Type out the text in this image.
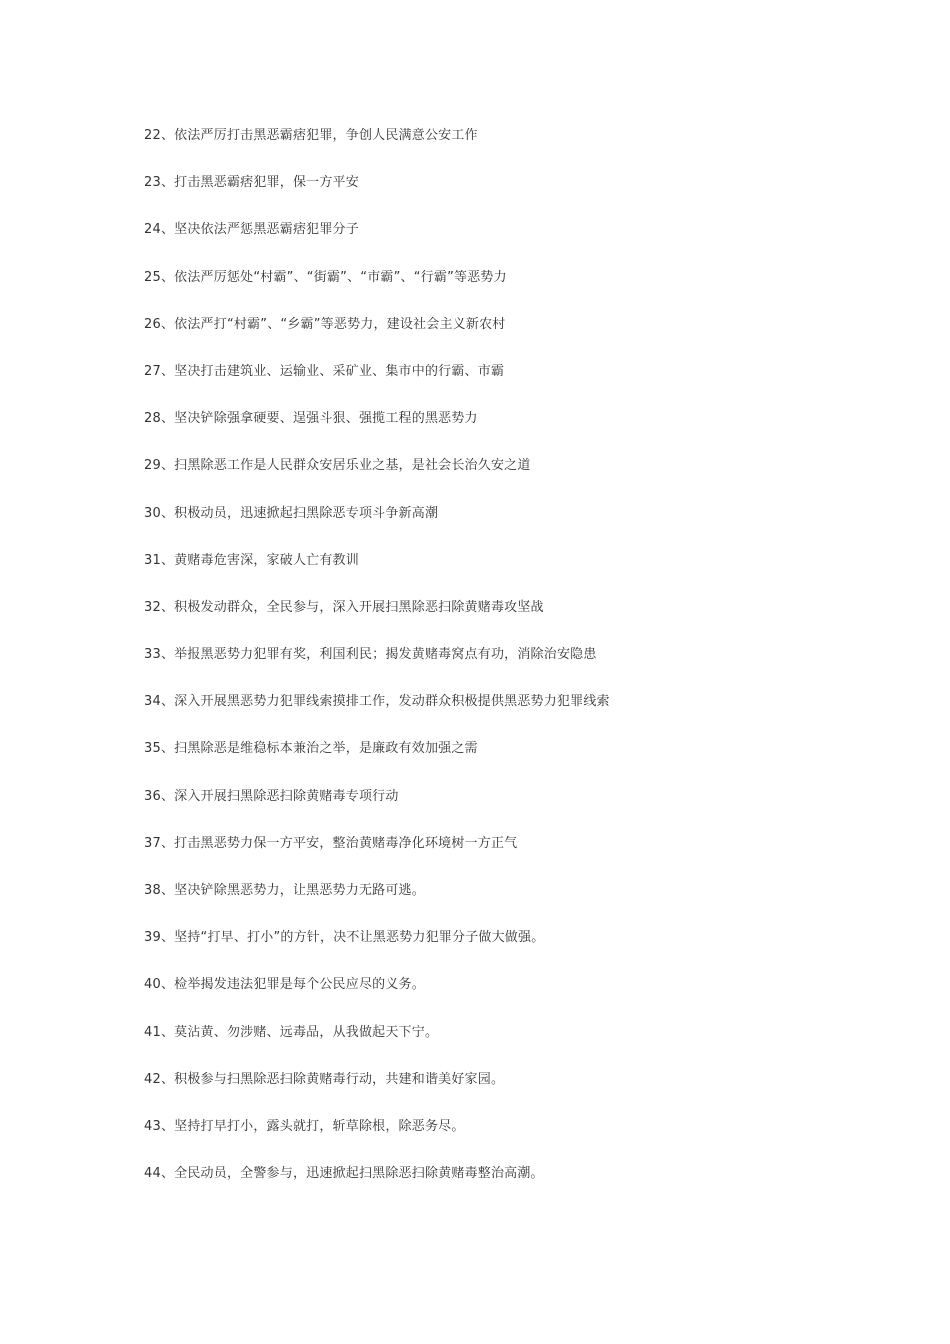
22、依法严厉打击黑恶霸痞犯罪，争创人民满意公安工作
23、打击黑恶霸痞犯罪，保一方平安
24、坚决依法严惩黑恶霸痞犯罪分子
25、依法严厉惩处“村霸”、“街霸”、“市霸”、“行霸”等恶势力
26、依法严打“村霸”、“乡霸”等恶势力，建设社会主义新农村
27、坚决打击建筑业、运输业、采矿业、集市中的行霸、市霸
28、坚决铲除强拿硬要、逞强斗狠、强揽工程的黑恶势力
29、扫黑除恶工作是人民群众安居乐业之基，是社会长治久安之道
30、积极动员，迅速掀起扫黑除恶专项斗争新高潮
31、黄赌毒危害深，家破人亡有教训
32、积极发动群众，全民参与，深入开展扫黑除恶扫除黄赌毒攻坚战
33、举报黑恶势力犯罪有奖，利国利民；揭发黄赌毒窝点有功，消除治安隐患
34、深入开展黑恶势力犯罪线索摸排工作，发动群众积极提供黑恶势力犯罪线索
35、扫黑除恶是维稳标本兼治之举，是廉政有效加强之需
36、深入开展扫黑除恶扫除黄赌毒专项行动
37、打击黑恶势力保一方平安，整治黄赌毒净化环境树一方正气
38、坚决铲除黑恶势力，让黑恶势力无路可逃。
39、坚持“打早、打小”的方针，决不让黑恶势力犯罪分子做大做强。
40、检举揭发违法犯罪是每个公民应尽的义务。
41、莫沾黄、勿涉赌、远毒品，从我做起天下宁。
42、积极参与扫黑除恶扫除黄赌毒行动，共建和谐美好家园。
43、坚持打早打小，露头就打，斩草除根，除恶务尽。
44、全民动员，全警参与，迅速掀起扫黑除恶扫除黄赌毒整治高潮。
